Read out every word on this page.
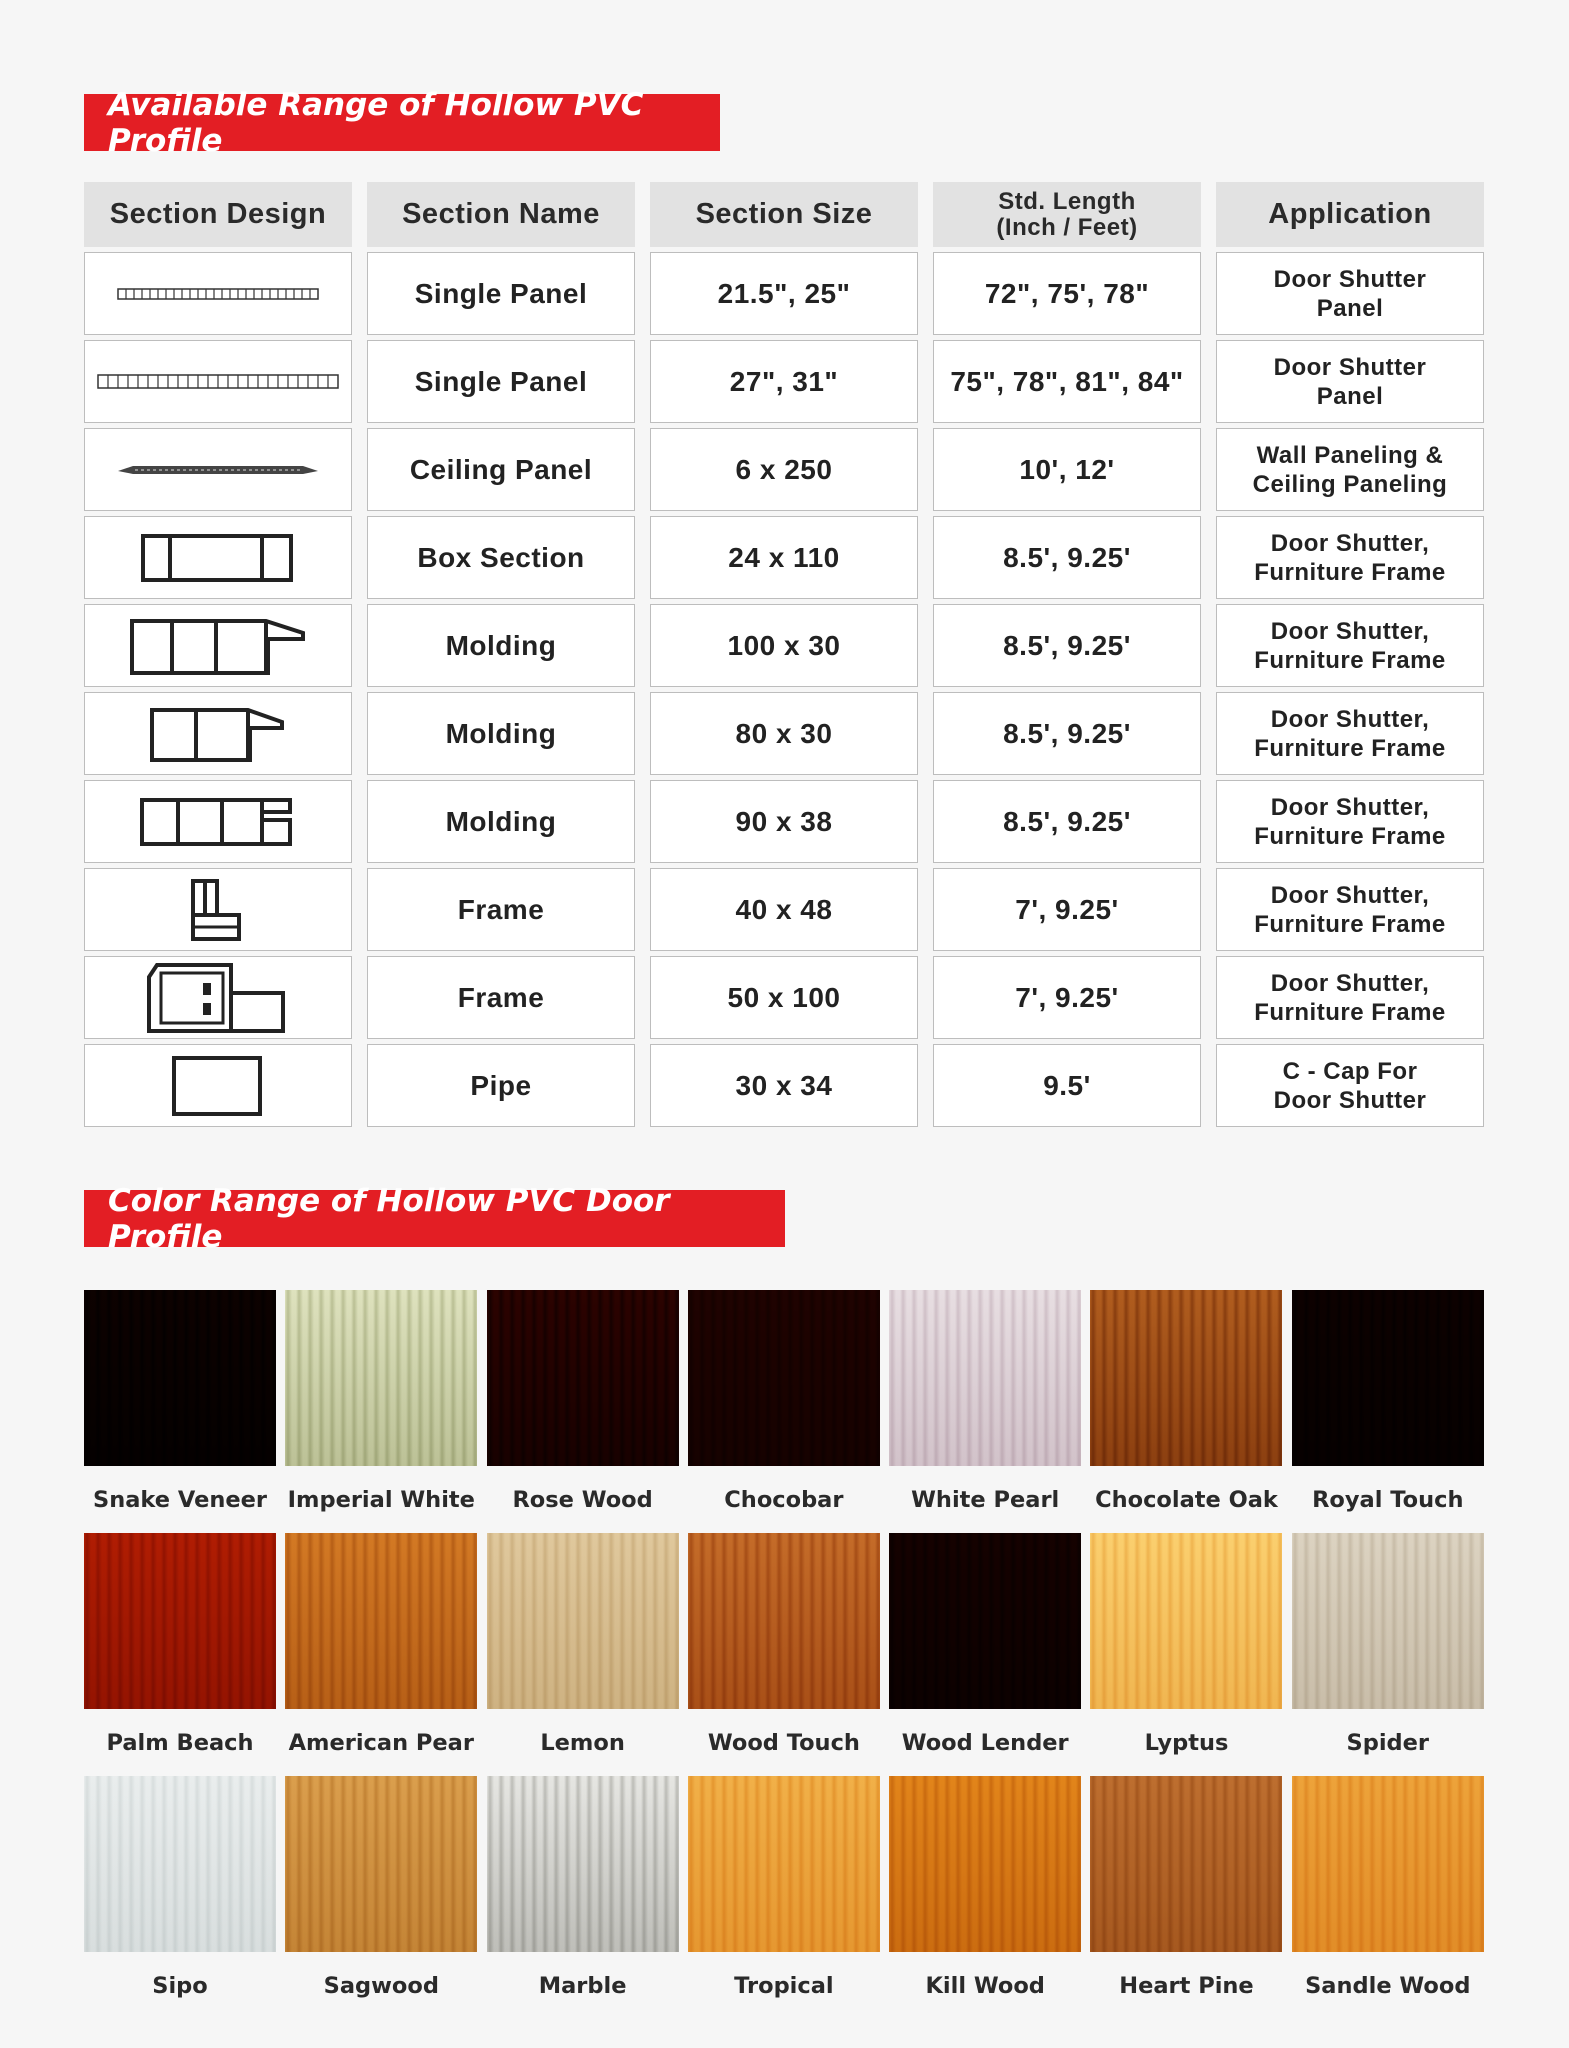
Available Range of Hollow PVC Profile
Section Design	Section Name	Section Size	Std. Length
(Inch / Feet)	Application
Single Panel	21.5", 25"	72", 75', 78"	Door Shutter
Panel
Single Panel	27", 31"	75", 78", 81", 84"	Door Shutter
Panel
Ceiling Panel	6 x 250	10', 12'	Wall Paneling &
Ceiling Paneling
Box Section	24 x 110	8.5', 9.25'	Door Shutter,
Furniture Frame
Molding	100 x 30	8.5', 9.25'	Door Shutter,
Furniture Frame
Molding	80 x 30	8.5', 9.25'	Door Shutter,
Furniture Frame
Molding	90 x 38	8.5', 9.25'	Door Shutter,
Furniture Frame
Frame	40 x 48	7', 9.25'	Door Shutter,
Furniture Frame
Frame	50 x 100	7', 9.25'	Door Shutter,
Furniture Frame
Pipe	30 x 34	9.5'	C - Cap For
Door Shutter
Color Range of Hollow PVC Door Profile
Snake Veneer Imperial White	Rose Wood	Chocobar	White Pearl	Chocolate Oak	Royal Touch
Palm Beach	American Pear	Lemon	Wood Touch	Wood Lender	Lyptus	Spider
Sipo	Sagwood	Marble	Tropical	Kill Wood	Heart Pine	Sandle Wood
